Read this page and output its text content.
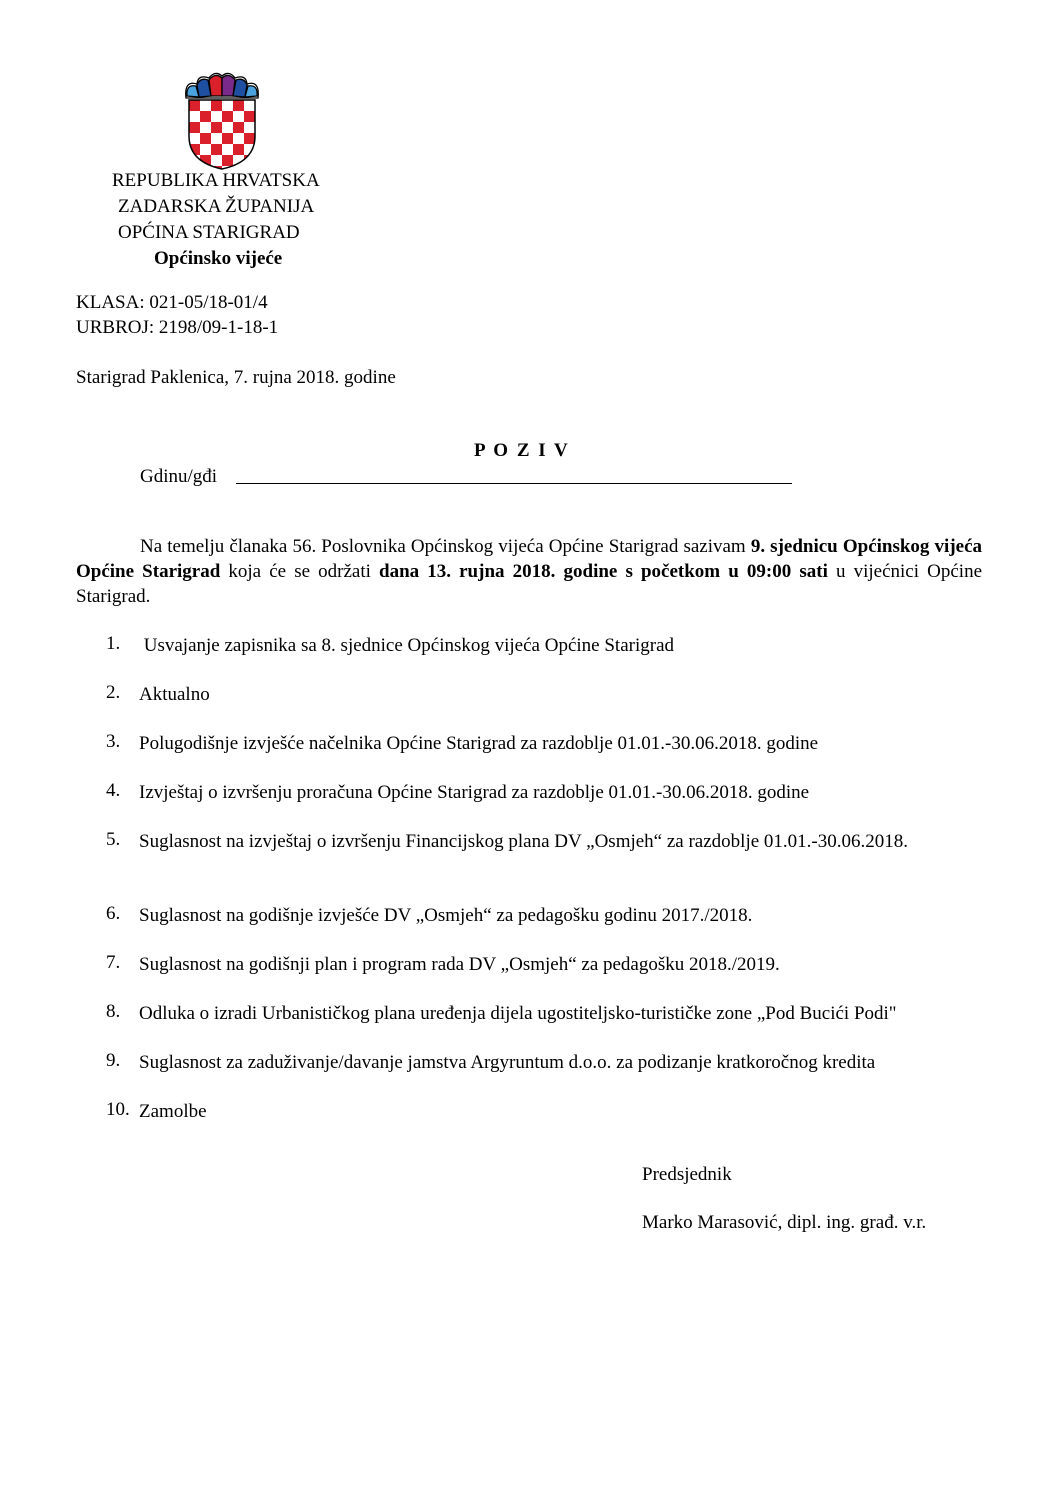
REPUBLIKA HRVATSKA
ZADARSKA ŽUPANIJA
OPĆINA STARIGRAD
Općinsko vijeće
KLASA: 021-05/18-01/4
URBROJ: 2198/09-1-18-1
Starigrad Paklenica, 7. rujna 2018. godine
P O Z I V
Gdinu/gđi
Na temelju članaka 56. Poslovnika Općinskog vijeća Općine Starigrad sazivam 9. sjednicu Općinskog vijeća Općine Starigrad koja će se održati dana 13. rujna 2018. godine s početkom u 09:00 sati u vijećnici Općine Starigrad.
1. Usvajanje zapisnika sa 8. sjednice Općinskog vijeća Općine Starigrad
2. Aktualno
3. Polugodišnje izvješće načelnika Općine Starigrad za razdoblje 01.01.-30.06.2018. godine
4. Izvještaj o izvršenju proračuna Općine Starigrad za razdoblje 01.01.-30.06.2018. godine
5. Suglasnost na izvještaj o izvršenju Financijskog plana DV „Osmjeh“ za razdoblje 01.01.-30.06.2018.
6. Suglasnost na godišnje izvješće DV „Osmjeh“ za pedagošku godinu 2017./2018.
7. Suglasnost na godišnji plan i program rada DV „Osmjeh“ za pedagošku 2018./2019.
8. Odluka o izradi Urbanističkog plana uređenja dijela ugostiteljsko-turističke zone „Pod Bucići Podi"
9. Suglasnost za zaduživanje/davanje jamstva Argyruntum d.o.o. za podizanje kratkoročnog kredita
10. Zamolbe
Predsjednik
Marko Marasović, dipl. ing. građ. v.r.
